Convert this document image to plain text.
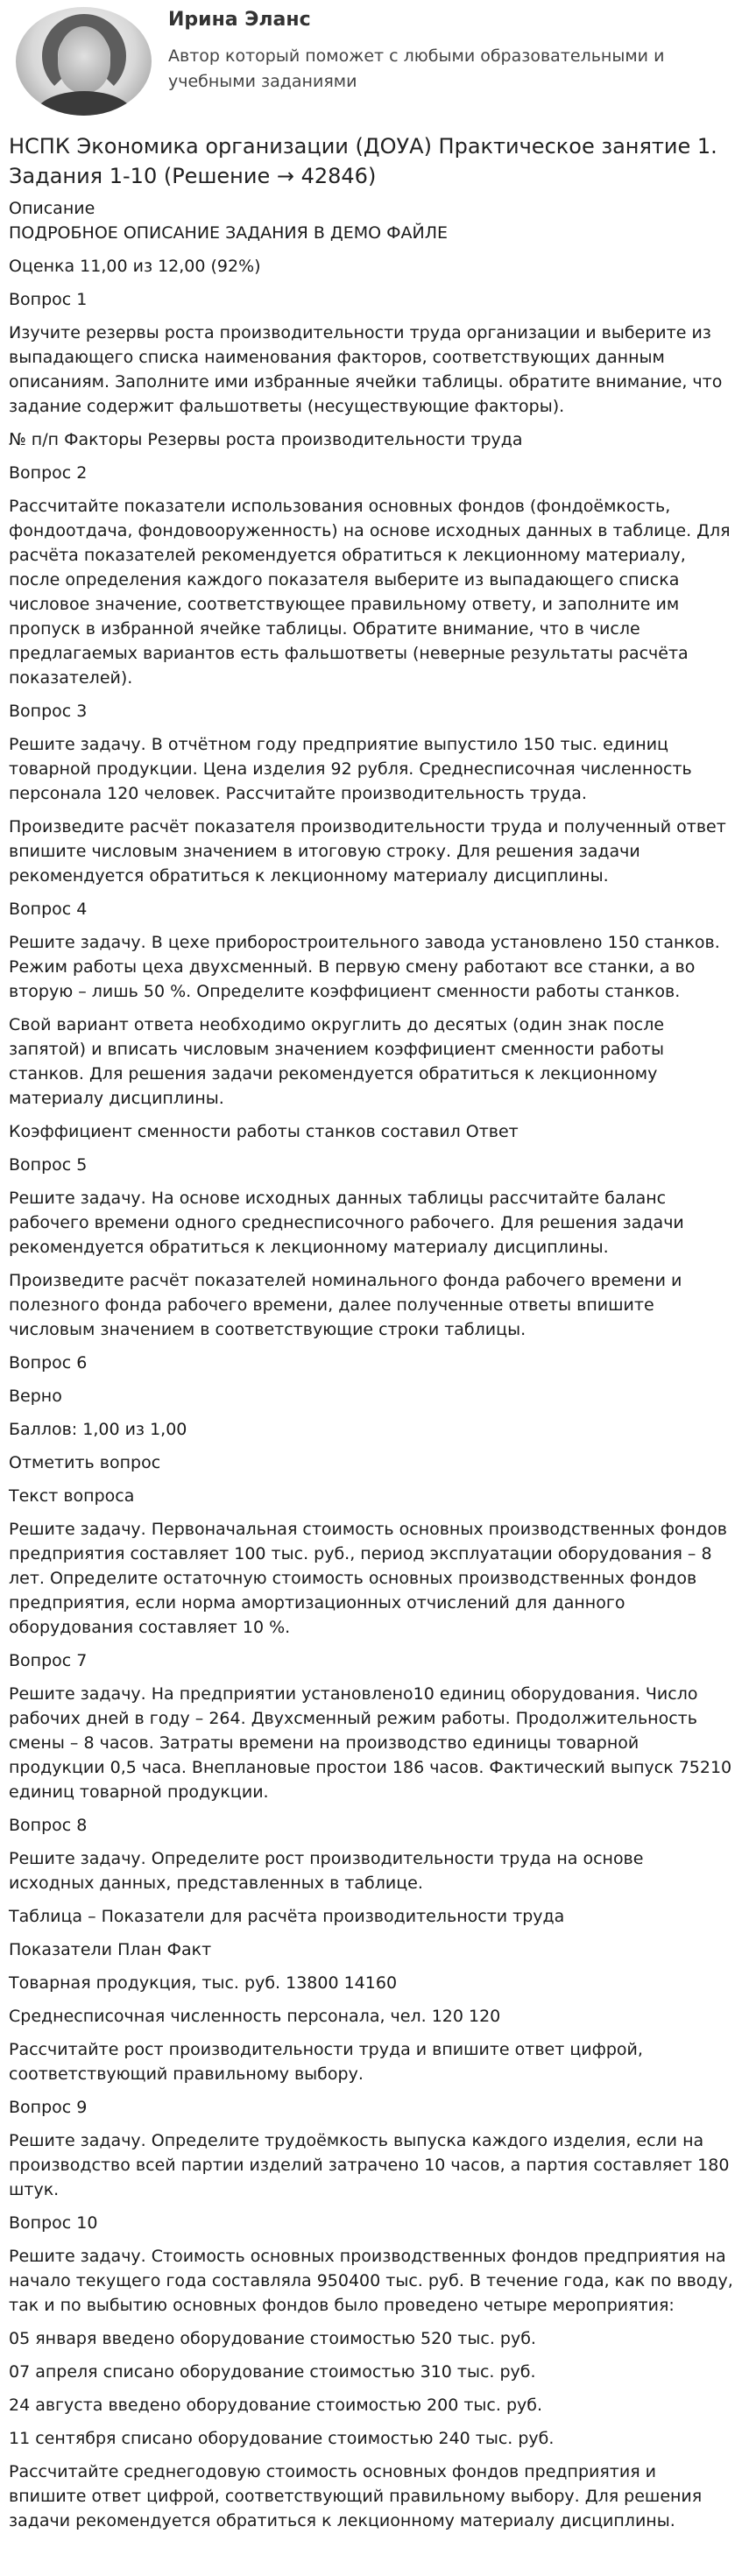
Ирина Эланс
Автор который поможет с любыми образовательными и учебными заданиями
НСПК Экономика организации (ДОУА) Практическое занятие 1. Задания 1-10 (Решение → 42846)

Описание

ПОДРОБНОЕ ОПИСАНИЕ ЗАДАНИЯ В ДЕМО ФАЙЛЕ

Оценка 11,00 из 12,00 (92%)

Вопрос 1

Изучите резервы роста производительности труда организации и выберите из выпадающего списка наименования факторов, соответствующих данным описаниям. Заполните ими избранные ячейки таблицы. обратите внимание, что задание содержит фальшответы (несуществующие факторы).

№ п/п Факторы Резервы роста производительности труда

Вопрос 2

Рассчитайте показатели использования основных фондов (фондоёмкость, фондоотдача, фондовооруженность) на основе исходных данных в таблице. Для расчёта показателей рекомендуется обратиться к лекционному материалу, после определения каждого показателя выберите из выпадающего списка числовое значение, соответствующее правильному ответу, и заполните им пропуск в избранной ячейке таблицы. Обратите внимание, что в числе предлагаемых вариантов есть фальшответы (неверные результаты расчёта показателей).

Вопрос 3

Решите задачу. В отчётном году предприятие выпустило 150 тыс. единиц товарной продукции. Цена изделия 92 рубля. Среднесписочная численность персонала 120 человек. Рассчитайте производительность труда.

Произведите расчёт показателя производительности труда и полученный ответ впишите числовым значением в итоговую строку. Для решения задачи рекомендуется обратиться к лекционному материалу дисциплины.

Вопрос 4

Решите задачу. В цехе приборостроительного завода установлено 150 станков. Режим работы цеха двухсменный. В первую смену работают все станки, а во вторую – лишь 50 %. Определите коэффициент сменности работы станков.

Свой вариант ответа необходимо округлить до десятых (один знак после запятой) и вписать числовым значением коэффициент сменности работы станков. Для решения задачи рекомендуется обратиться к лекционному материалу дисциплины.

Коэффициент сменности работы станков составил Ответ

Вопрос 5

Решите задачу. На основе исходных данных таблицы рассчитайте баланс рабочего времени одного среднесписочного рабочего. Для решения задачи рекомендуется обратиться к лекционному материалу дисциплины.

Произведите расчёт показателей номинального фонда рабочего времени и полезного фонда рабочего времени, далее полученные ответы впишите числовым значением в соответствующие строки таблицы.

Вопрос 6

Верно

Баллов: 1,00 из 1,00

Отметить вопрос

Текст вопроса

Решите задачу. Первоначальная стоимость основных производственных фондов предприятия составляет 100 тыс. руб., период эксплуатации оборудования – 8 лет. Определите остаточную стоимость основных производственных фондов предприятия, если норма амортизационных отчислений для данного оборудования составляет 10 %.

Вопрос 7

Решите задачу. На предприятии установлено10 единиц оборудования. Число рабочих дней в году – 264. Двухсменный режим работы. Продолжительность смены – 8 часов. Затраты времени на производство единицы товарной продукции 0,5 часа. Внеплановые простои 186 часов. Фактический выпуск 75210 единиц товарной продукции.

Вопрос 8

Решите задачу. Определите рост производительности труда на основе исходных данных, представленных в таблице.

Таблица – Показатели для расчёта производительности труда

Показатели План Факт

Товарная продукция, тыс. руб. 13800 14160

Среднесписочная численность персонала, чел. 120 120

Рассчитайте рост производительности труда и впишите ответ цифрой, соответствующий правильному выбору.

Вопрос 9

Решите задачу. Определите трудоёмкость выпуска каждого изделия, если на производство всей партии изделий затрачено 10 часов, а партия составляет 180 штук.

Вопрос 10

Решите задачу. Стоимость основных производственных фондов предприятия на начало текущего года составляла 950400 тыс. руб. В течение года, как по вводу, так и по выбытию основных фондов было проведено четыре мероприятия:

05 января введено оборудование стоимостью 520 тыс. руб.

07 апреля списано оборудование стоимостью 310 тыс. руб.

24 августа введено оборудование стоимостью 200 тыс. руб.

11 сентября списано оборудование стоимостью 240 тыс. руб.

Рассчитайте среднегодовую стоимость основных фондов предприятия и впишите ответ цифрой, соответствующий правильному выбору. Для решения задачи рекомендуется обратиться к лекционному материалу дисциплины.
